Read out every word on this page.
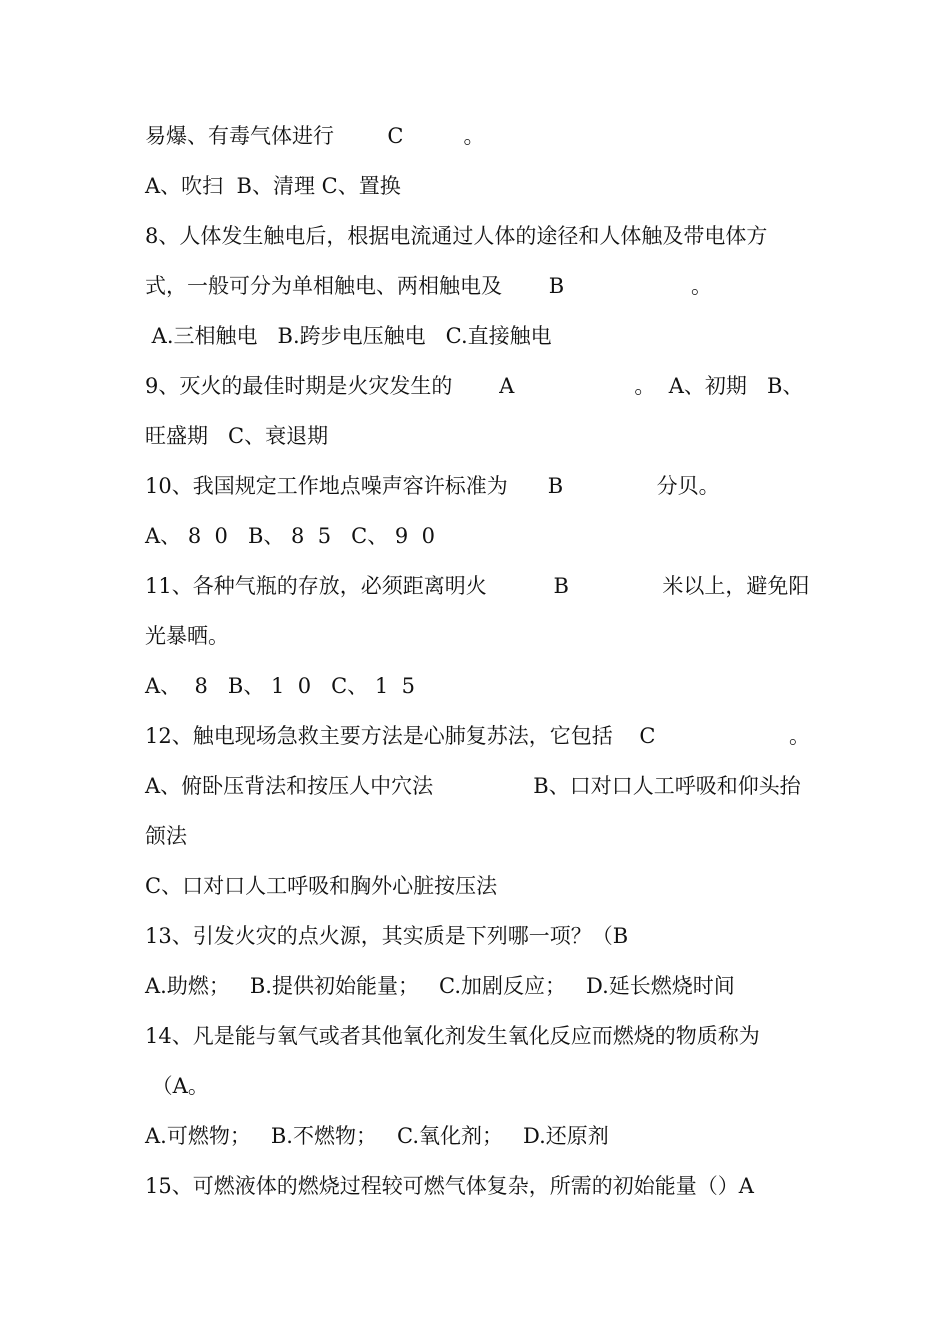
易爆、有毒气体进行        C         。
A、吹扫  B、清理 C、置换
8、人体发生触电后，根据电流通过人体的途径和人体触及带电体方
式，一般可分为单相触电、两相触电及       B                   。
A.三相触电   B.跨步电压触电   C.直接触电
9、灭火的最佳时期是火灾发生的       A                  。  A、初期   B、
旺盛期   C、衰退期
10、我国规定工作地点噪声容许标准为      B              分贝。
A、 8  0   B、 8  5   C、 9  0
11、各种气瓶的存放，必须距离明火          B              米以上，避免阳
光暴晒。
A、  8   B、 1  0   C、 1  5
12、触电现场急救主要方法是心肺复苏法，它包括    C                    。
A、俯卧压背法和按压人中穴法               B、口对口人工呼吸和仰头抬
颌法
C、口对口人工呼吸和胸外心脏按压法
13、引发火灾的点火源，其实质是下列哪一项？（B
A.助燃；   B.提供初始能量；   C.加剧反应；   D.延长燃烧时间
14、凡是能与氧气或者其他氧化剂发生氧化反应而燃烧的物质称为
（A。
A.可燃物；   B.不燃物；   C.氧化剂；   D.还原剂
15、可燃液体的燃烧过程较可燃气体复杂，所需的初始能量（）A
